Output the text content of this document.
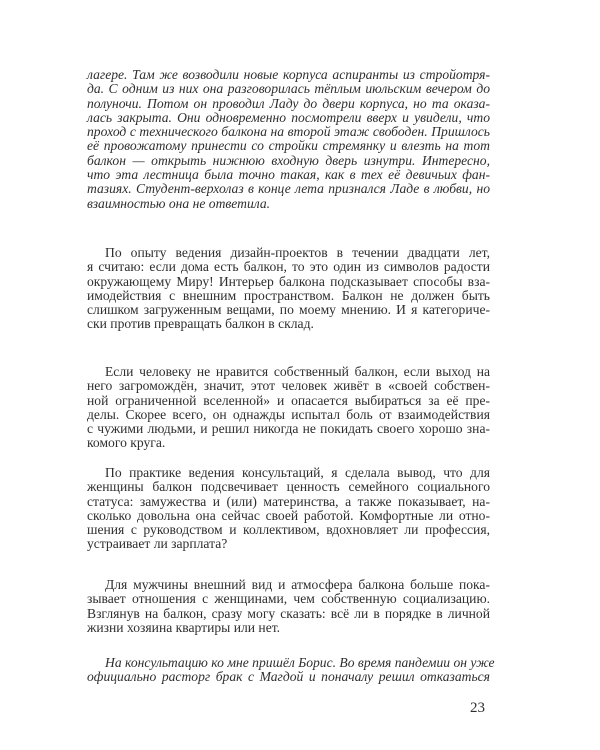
лагере. Там же возводили новые корпуса аспиранты из стройотря-
да. С одним из них она разговорилась тёплым июльским вечером до
полуночи. Потом он проводил Ладу до двери корпуса, но та оказа-
лась закрыта. Они одновременно посмотрели вверх и увидели, что
проход с технического балкона на второй этаж свободен. Пришлось
её провожатому принести со стройки стремянку и влезть на тот
балкон — открыть нижнюю входную дверь изнутри. Интересно,
что эта лестница была точно такая, как в тех её девичьих фан-
тазиях. Студент-верхолаз в конце лета признался Ладе в любви, но
взаимностью она не ответила.
По опыту ведения дизайн-проектов в течении двадцати лет,
я считаю: если дома есть балкон, то это один из символов радости
окружающему Миру! Интерьер балкона подсказывает способы вза-
имодействия с внешним пространством. Балкон не должен быть
слишком загруженным вещами, по моему мнению. И я категориче-
ски против превращать балкон в склад.
Если человеку не нравится собственный балкон, если выход на
него загромождён, значит, этот человек живёт в «своей собствен-
ной ограниченной вселенной» и опасается выбираться за её пре-
делы. Скорее всего, он однажды испытал боль от взаимодействия
с чужими людьми, и решил никогда не покидать своего хорошо зна-
комого круга.
По практике ведения консультаций, я сделала вывод, что для
женщины балкон подсвечивает ценность семейного социального
статуса: замужества и (или) материнства, а также показывает, на-
сколько довольна она сейчас своей работой. Комфортные ли отно-
шения с руководством и коллективом, вдохновляет ли профессия,
устраивает ли зарплата?
Для мужчины внешний вид и атмосфера балкона больше пока-
зывает отношения с женщинами, чем собственную социализацию.
Взглянув на балкон, сразу могу сказать: всё ли в порядке в личной
жизни хозяина квартиры или нет.
На консультацию ко мне пришёл Борис. Во время пандемии он уже
официально расторг брак с Магдой и поначалу решил отказаться
23
